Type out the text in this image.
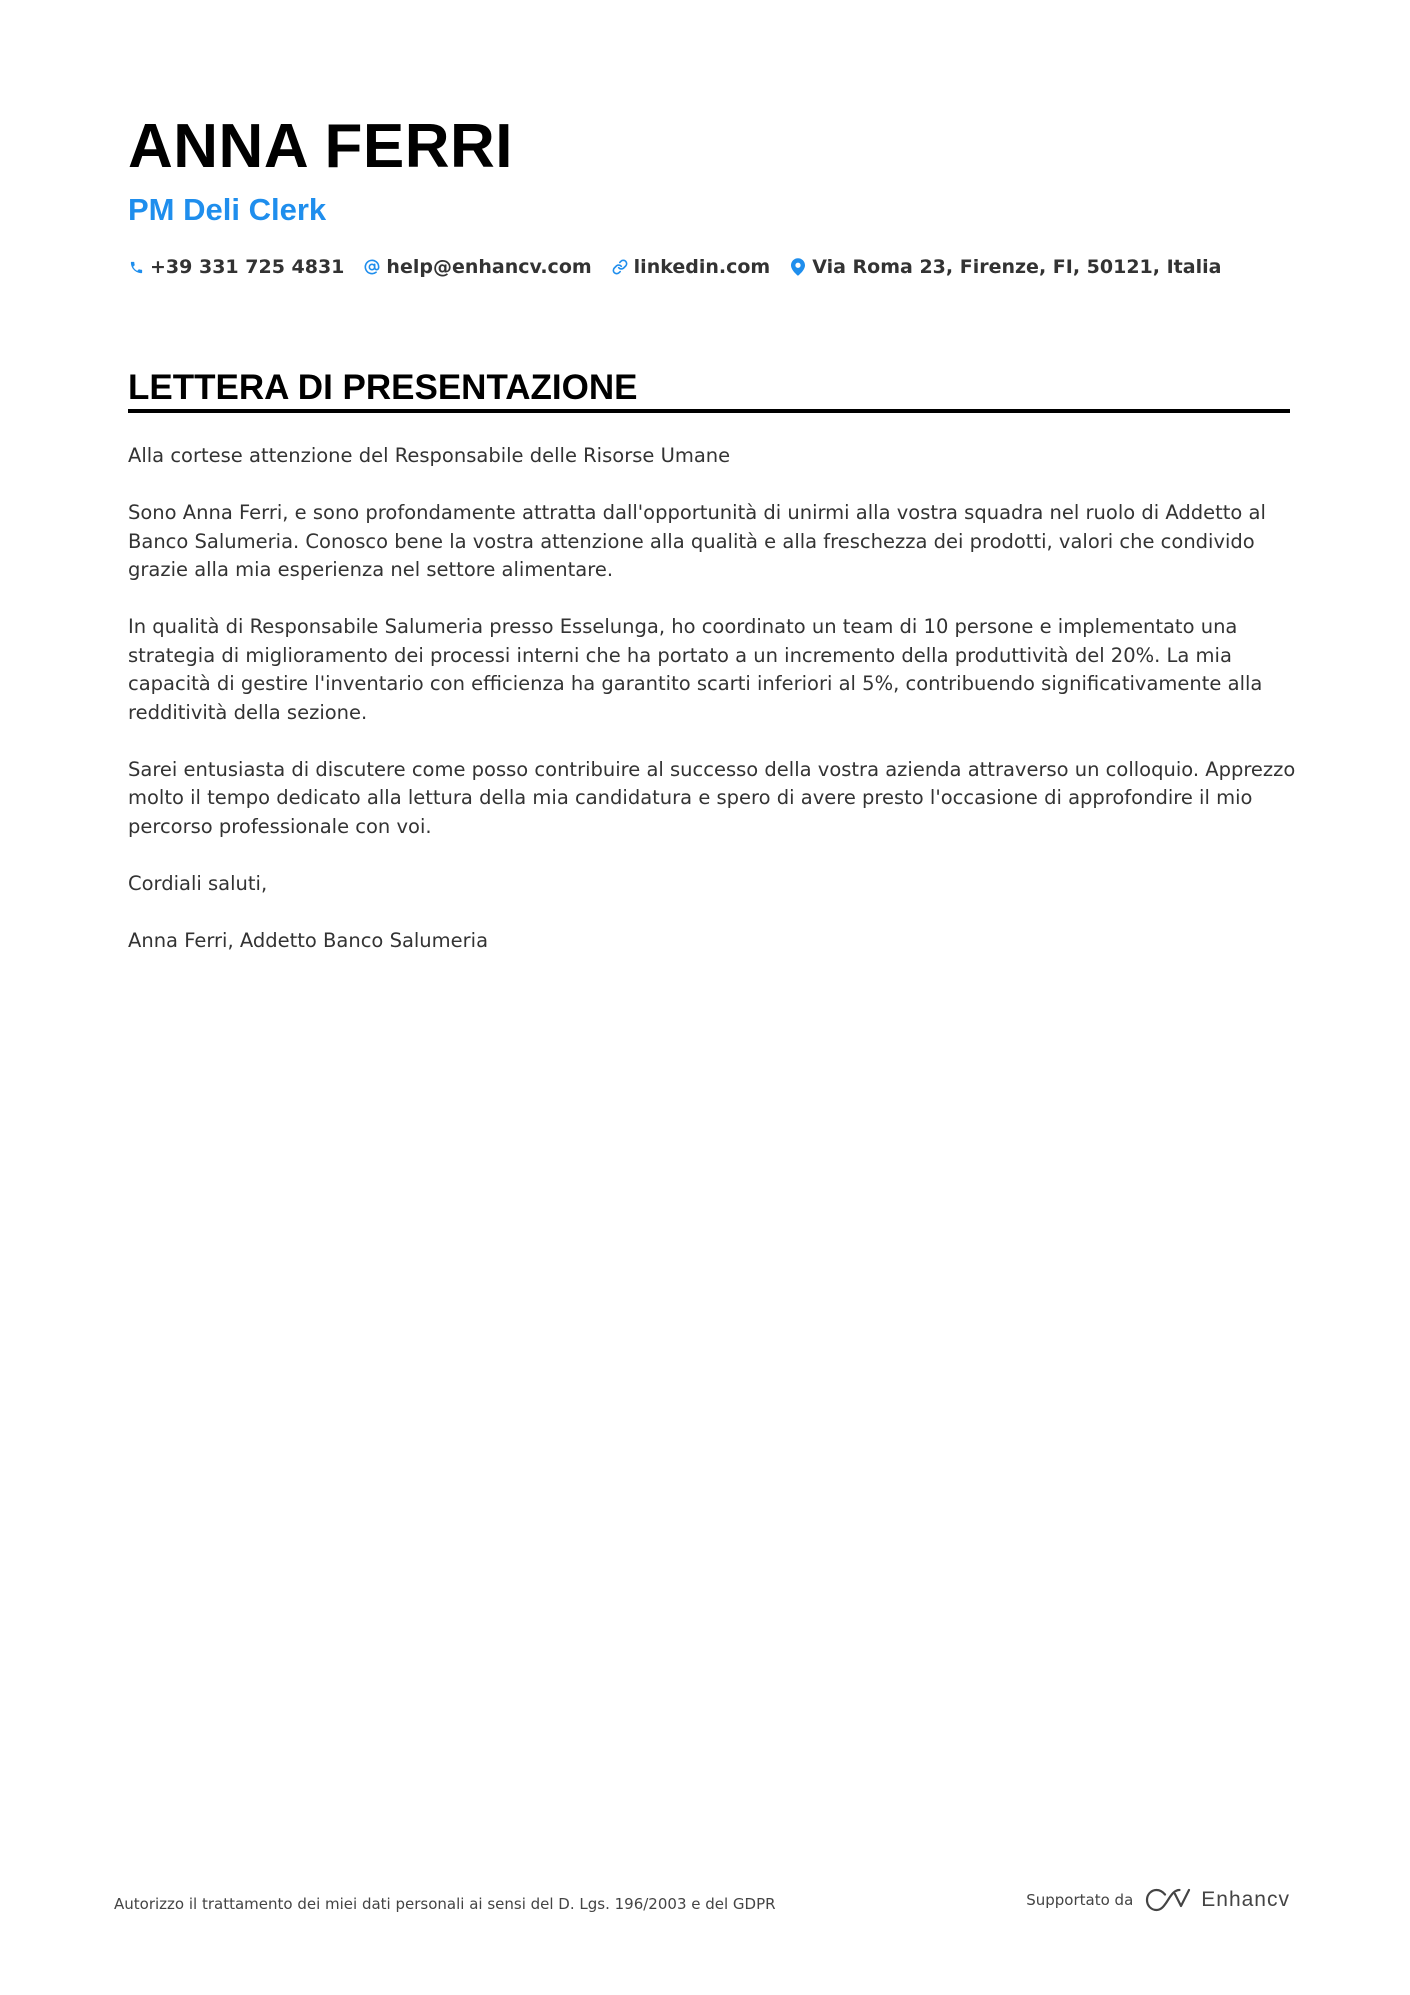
ANNA FERRI
PM Deli Clerk
+39 331 725 4831 help@enhancv.com linkedin.com Via Roma 23, Firenze, FI, 50121, Italia
LETTERA DI PRESENTAZIONE

Alla cortese attenzione del Responsabile delle Risorse Umane

Sono Anna Ferri, e sono profondamente attratta dall'opportunità di unirmi alla vostra squadra nel ruolo di Addetto al Banco Salumeria. Conosco bene la vostra attenzione alla qualità e alla freschezza dei prodotti, valori che condivido grazie alla mia esperienza nel settore alimentare.

In qualità di Responsabile Salumeria presso Esselunga, ho coordinato un team di 10 persone e implementato una strategia di miglioramento dei processi interni che ha portato a un incremento della produttività del 20%. La mia capacità di gestire l'inventario con efficienza ha garantito scarti inferiori al 5%, contribuendo significativamente alla redditività della sezione.

Sarei entusiasta di discutere come posso contribuire al successo della vostra azienda attraverso un colloquio. Apprezzo molto il tempo dedicato alla lettura della mia candidatura e spero di avere presto l'occasione di approfondire il mio percorso professionale con voi.

Cordiali saluti,

Anna Ferri, Addetto Banco Salumeria

Autorizzo il trattamento dei miei dati personali ai sensi del D. Lgs. 196/2003 e del GDPR	Supportato da	Enhancv
